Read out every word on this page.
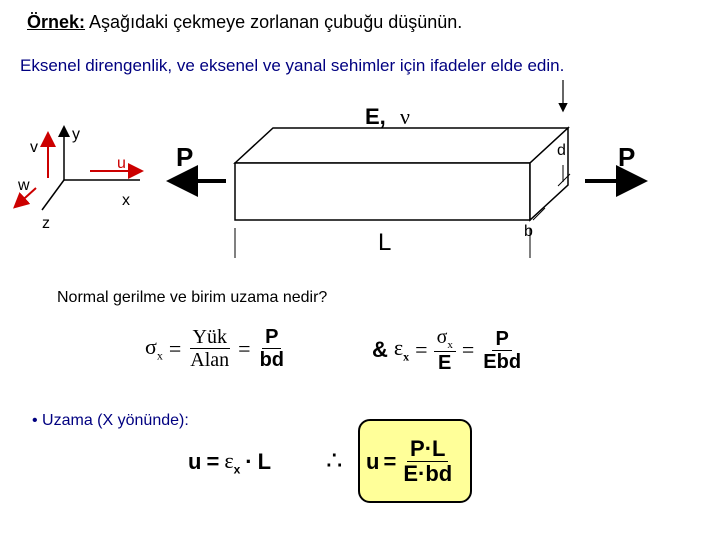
Örnek: Aşağıdaki çekmeye zorlanan çubuğu düşünün.
Eksenel direngenlik, ve eksenel ve yanal sehimler için ifadeler elde edin.
v
y
u
w
x
z
P
E, ν
L
d
b
P
Normal gerilme ve birim uzama nedir?
$\sigma_x = \frac{\text{Yük}}{\text{Alan}} = \frac{P}{bd}$	& $\varepsilon_x = \frac{\sigma_x}{E} = \frac{P}{\text{Ebd}}$
• Uzama (X yönünde):
$u = \varepsilon_x \cdot L$ ∴ $u = \frac{P\cdot L}{E\cdot bd}$
